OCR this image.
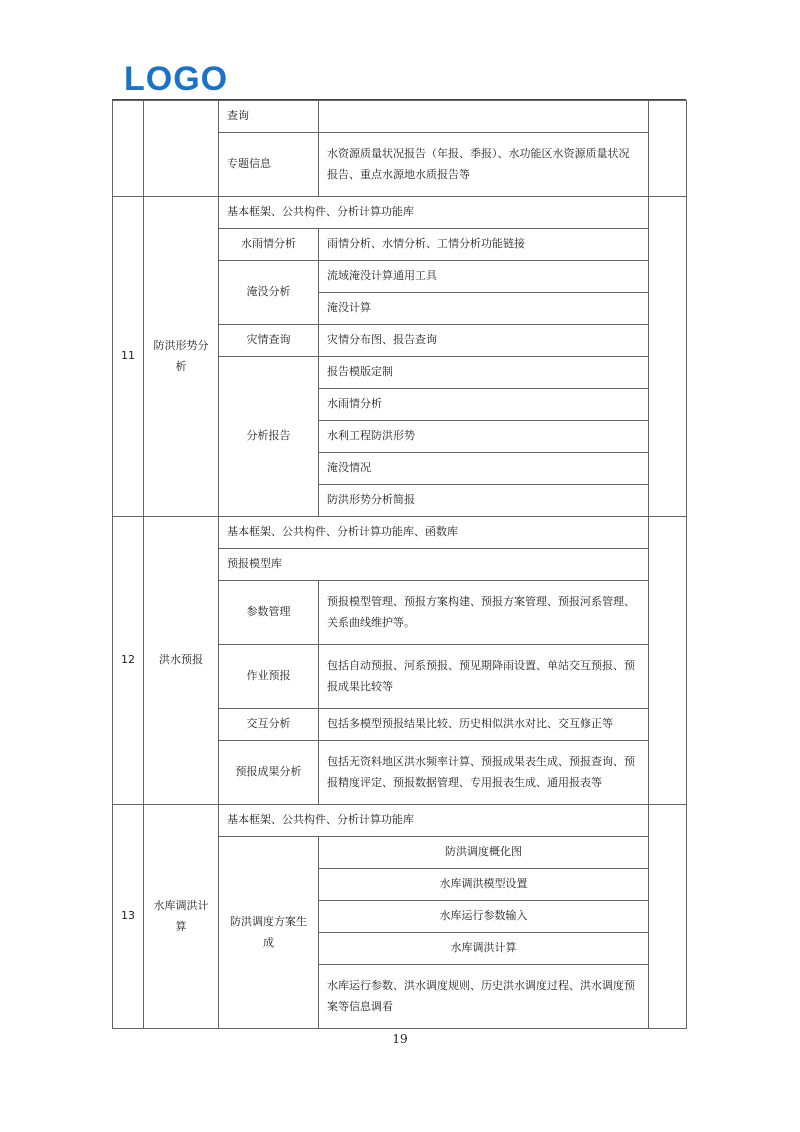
LOGO
		查询		
		专题信息	水资源质量状况报告（年报、季报）、水功能区水资源质量状况报告、重点水源地水质报告等	
11	防洪形势分析	基本框架、公共构件、分析计算功能库		
		水雨情分析	雨情分析、水情分析、工情分析功能链接	
		淹没分析	流域淹没计算通用工具	
			淹没计算	
		灾情查询	灾情分布图、报告查询	
		分析报告	报告模版定制	
			水雨情分析	
			水利工程防洪形势	
			淹没情况	
			防洪形势分析简报	
12	洪水预报	基本框架、公共构件、分析计算功能库、函数库		
		预报模型库		
		参数管理	预报模型管理、预报方案构建、预报方案管理、预报河系管理、关系曲线维护等。	
		作业预报	包括自动预报、河系预报、预见期降雨设置、单站交互预报、预报成果比较等	
		交互分析	包括多模型预报结果比较、历史相似洪水对比、交互修正等	
		预报成果分析	包括无资料地区洪水频率计算、预报成果表生成、预报查询、预报精度评定、预报数据管理、专用报表生成、通用报表等	
13	水库调洪计算	基本框架、公共构件、分析计算功能库		
		防洪调度方案生成	防洪调度概化图	
			水库调洪模型设置	
			水库运行参数输入	
			水库调洪计算	
			水库运行参数、洪水调度规则、历史洪水调度过程、洪水调度预案等信息调看	
19
